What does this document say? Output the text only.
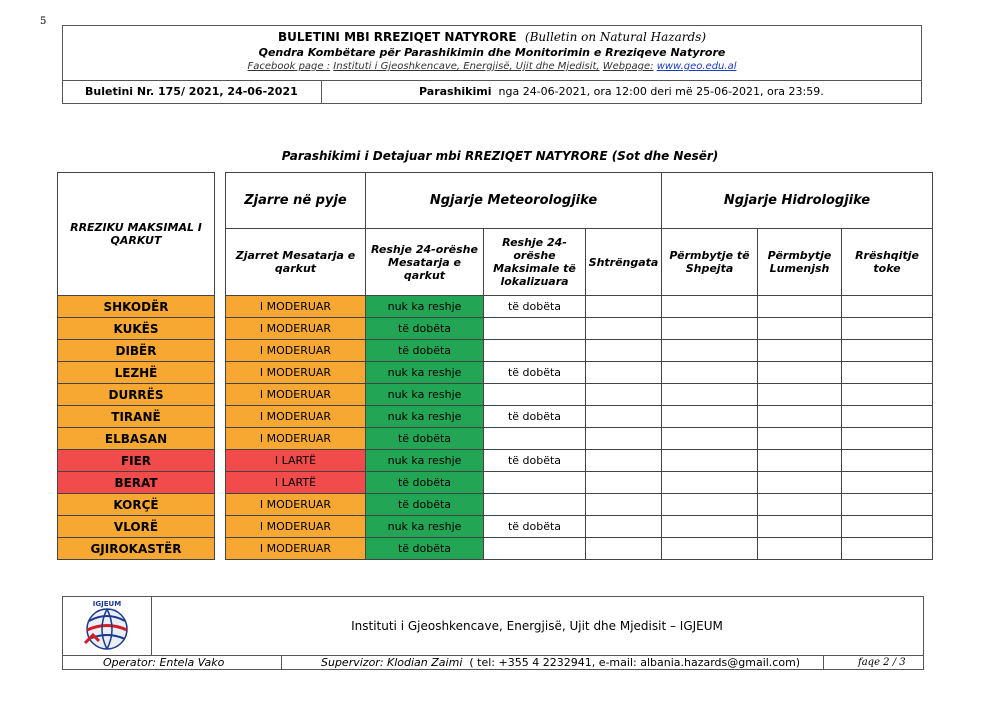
5
BULETINI MBI RREZIQET NATYRORE (Bulletin on Natural Hazards)
Qendra Kombëtare për Parashikimin dhe Monitorimin e Rreziqeve Natyrore
Facebook page : Instituti i Gjeoshkencave, Energjisë, Ujit dhe Mjedisit, Webpage: www.geo.edu.al
Buletini Nr. 175/ 2021, 24-06-2021	Parashikimi nga 24-06-2021, ora 12:00 deri më 25-06-2021, ora 23:59.
Parashikimi i Detajuar mbi RREZIQET NATYRORE (Sot dhe Nesër)
RREZIKU MAKSIMAL I QARKUT		Zjarre në pyje	Ngjarje Meteorologjike			Ngjarje Hidrologjike		
		Zjarret Mesatarja e qarkut	Reshje 24-orëshe Mesatarja e qarkut	Reshje 24-orëshe Maksimale të lokalizuara	Shtrëngata	Përmbytje të Shpejta	Përmbytje Lumenjsh	Rrëshqitje toke
SHKODËR		I MODERUAR	nuk ka reshje	të dobëta				
KUKËS		I MODERUAR	të dobëta					
DIBËR		I MODERUAR	të dobëta					
LEZHË		I MODERUAR	nuk ka reshje	të dobëta				
DURRËS		I MODERUAR	nuk ka reshje					
TIRANË		I MODERUAR	nuk ka reshje	të dobëta				
ELBASAN		I MODERUAR	të dobëta					
FIER		I LARTË	nuk ka reshje	të dobëta				
BERAT		I LARTË	të dobëta					
KORÇË		I MODERUAR	të dobëta					
VLORË		I MODERUAR	nuk ka reshje	të dobëta				
GJIROKASTËR		I MODERUAR	të dobëta					
IGJEUM
Instituti i Gjeoshkencave, Energjisë, Ujit dhe Mjedisit – IGJEUM
Operator: Entela Vako	Supervizor: Klodian Zaimi ( tel: +355 4 2232941, e-mail: albania.hazards@gmail.com)	faqe 2 / 3
